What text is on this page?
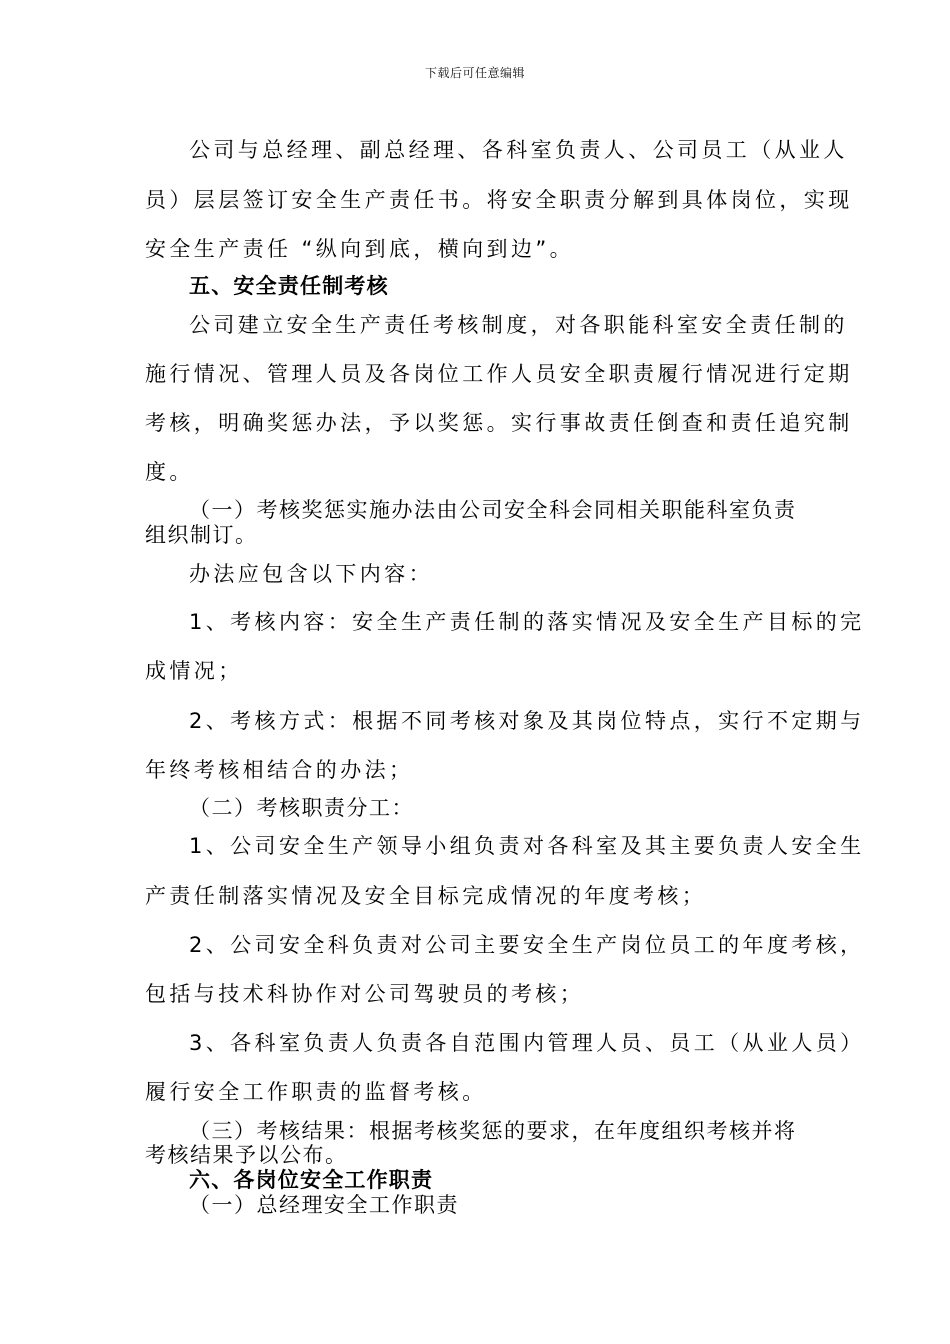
下载后可任意编辑
公司与总经理、副总经理、各科室负责人、公司员工（从业人
员）层层签订安全生产责任书。将安全职责分解到具体岗位，实现
安全生产责任 “纵向到底，横向到边”。
五、安全责任制考核
公司建立安全生产责任考核制度，对各职能科室安全责任制的
施行情况、管理人员及各岗位工作人员安全职责履行情况进行定期
考核，明确奖惩办法，予以奖惩。实行事故责任倒查和责任追究制
度。
（一）考核奖惩实施办法由公司安全科会同相关职能科室负责
组织制订。
办法应包含以下内容：
1、考核内容：安全生产责任制的落实情况及安全生产目标的完
成情况；
2、考核方式：根据不同考核对象及其岗位特点，实行不定期与
年终考核相结合的办法；
（二）考核职责分工：
1、公司安全生产领导小组负责对各科室及其主要负责人安全生
产责任制落实情况及安全目标完成情况的年度考核；
2、公司安全科负责对公司主要安全生产岗位员工的年度考核，
包括与技术科协作对公司驾驶员的考核；
3、各科室负责人负责各自范围内管理人员、员工（从业人员）
履行安全工作职责的监督考核。
（三）考核结果：根据考核奖惩的要求，在年度组织考核并将
考核结果予以公布。
六、各岗位安全工作职责
（一）总经理安全工作职责
